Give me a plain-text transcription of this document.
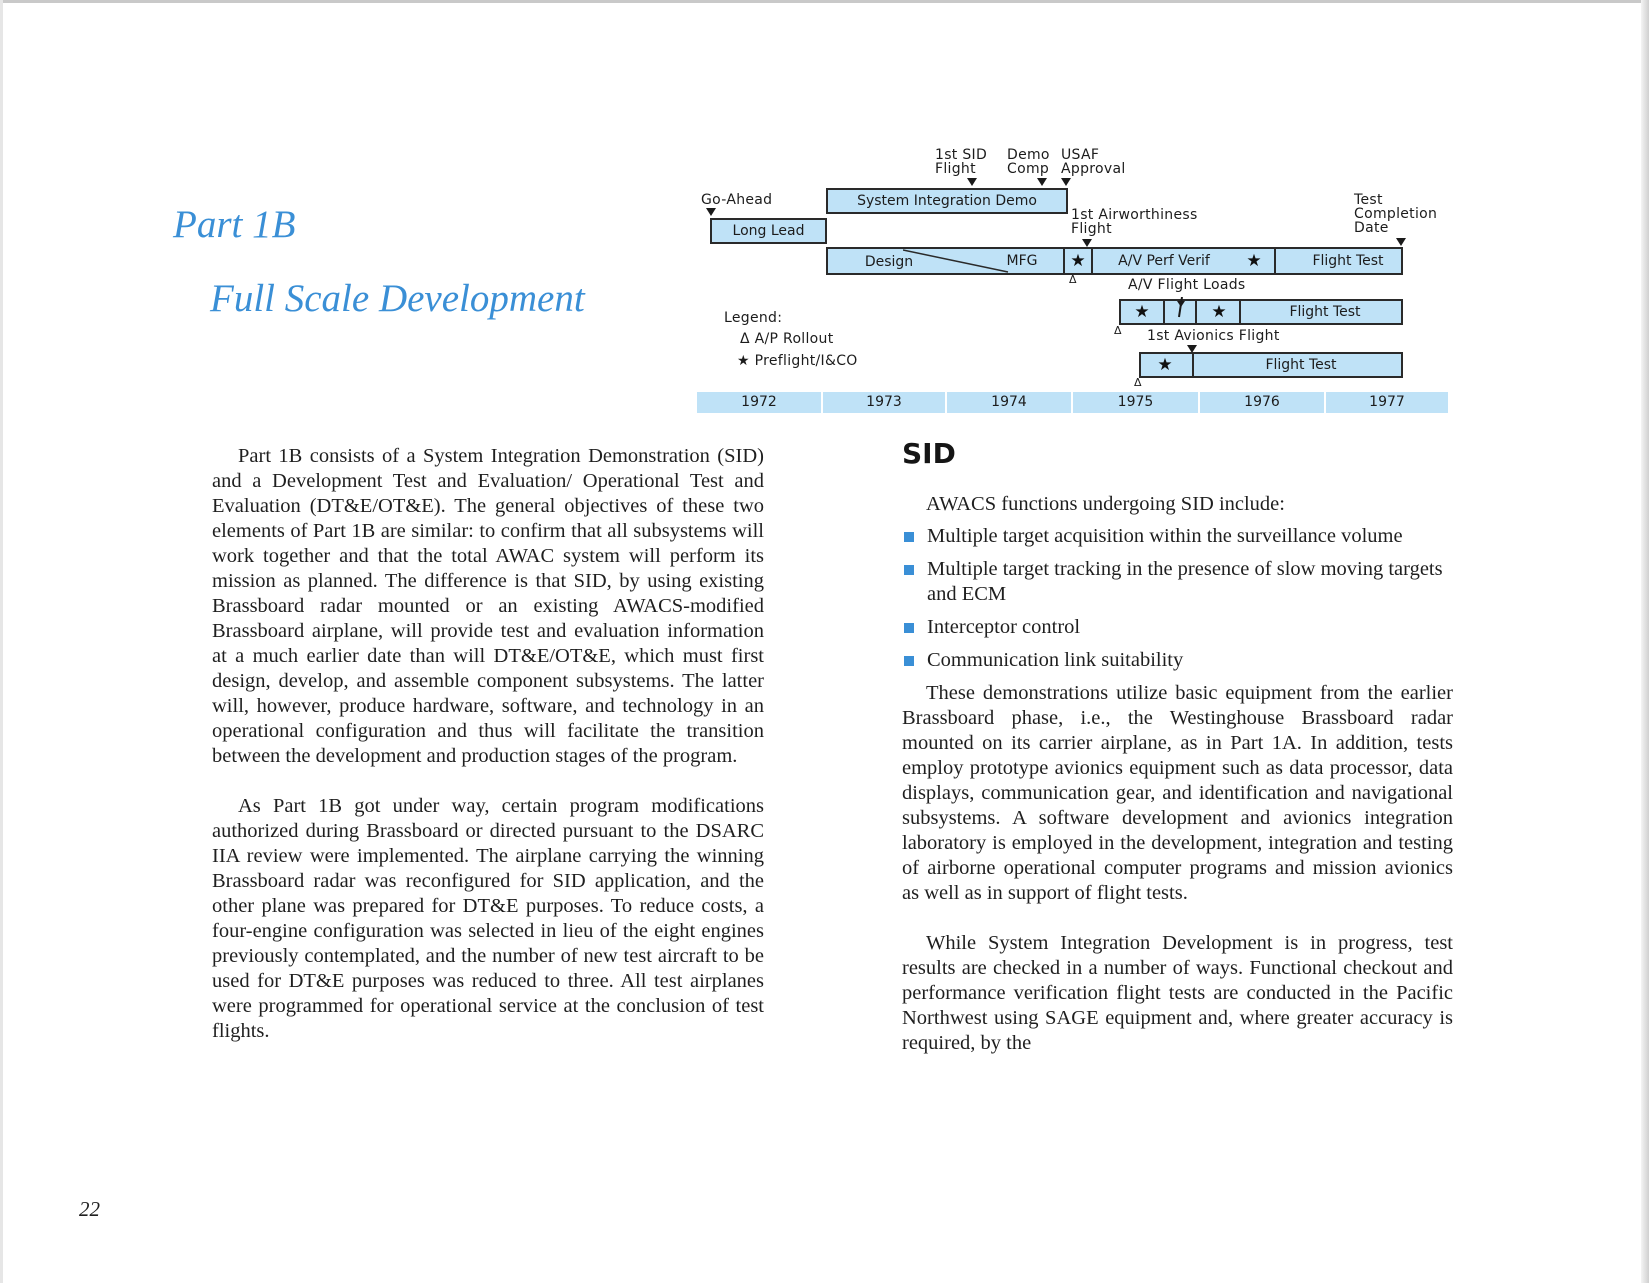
Part 1B
Full Scale Development
1st SID
Flight
Demo
Comp
USAF
Approval
Go-Ahead	System Integration Demo
Long Lead
1st Airworthiness
Flight
Test
Completion
Date
Design	MFG ★ A/V Perf Verif ★	Flight Test
Δ	A/V Flight Loads
★	★	Flight Test
Δ 1st Avionics Flight
★	Flight Test
Δ
Legend:
Δ A/P Rollout
★ Preflight/I&CO
1972	1973	1974	1975	1976	1977

Part 1B consists of a System Integration Demonstration (SID) and a Development Test and Evaluation/ Operational Test and Evaluation (DT&E/OT&E). The general objectives of these two elements of Part 1B are similar: to confirm that all subsystems will work together and that the total AWAC system will perform its mission as planned. The difference is that SID, by using existing Brassboard radar mounted or an existing AWACS-modified Brassboard airplane, will provide test and evaluation information at a much earlier date than will DT&E/OT&E, which must first design, develop, and assemble component subsystems. The latter will, however, produce hardware, software, and technology in an operational configuration and thus will facilitate the transition between the development and production stages of the program.

As Part 1B got under way, certain program modifications authorized during Brassboard or directed pursuant to the DSARC IIA review were implemented. The airplane carrying the winning Brassboard radar was reconfigured for SID application, and the other plane was prepared for DT&E purposes. To reduce costs, a four-engine configuration was selected in lieu of the eight engines previously contemplated, and the number of new test aircraft to be used for DT&E purposes was reduced to three. All test airplanes were programmed for operational service at the conclusion of test flights.

SID

AWACS functions undergoing SID include:

Multiple target acquisition within the surveillance volume
Multiple target tracking in the presence of slow moving targets and ECM
Interceptor control
Communication link suitability

These demonstrations utilize basic equipment from the earlier Brassboard phase, i.e., the Westinghouse Brassboard radar mounted on its carrier airplane, as in Part 1A. In addition, tests employ prototype avionics equipment such as data processor, data displays, communication gear, and identification and navigational subsystems. A software development and avionics integration laboratory is employed in the development, integration and testing of airborne operational computer programs and mission avionics as well as in support of flight tests.

While System Integration Development is in progress, test results are checked in a number of ways. Functional checkout and performance verification flight tests are conducted in the Pacific Northwest using SAGE equipment and, where greater accuracy is required, by the

22
